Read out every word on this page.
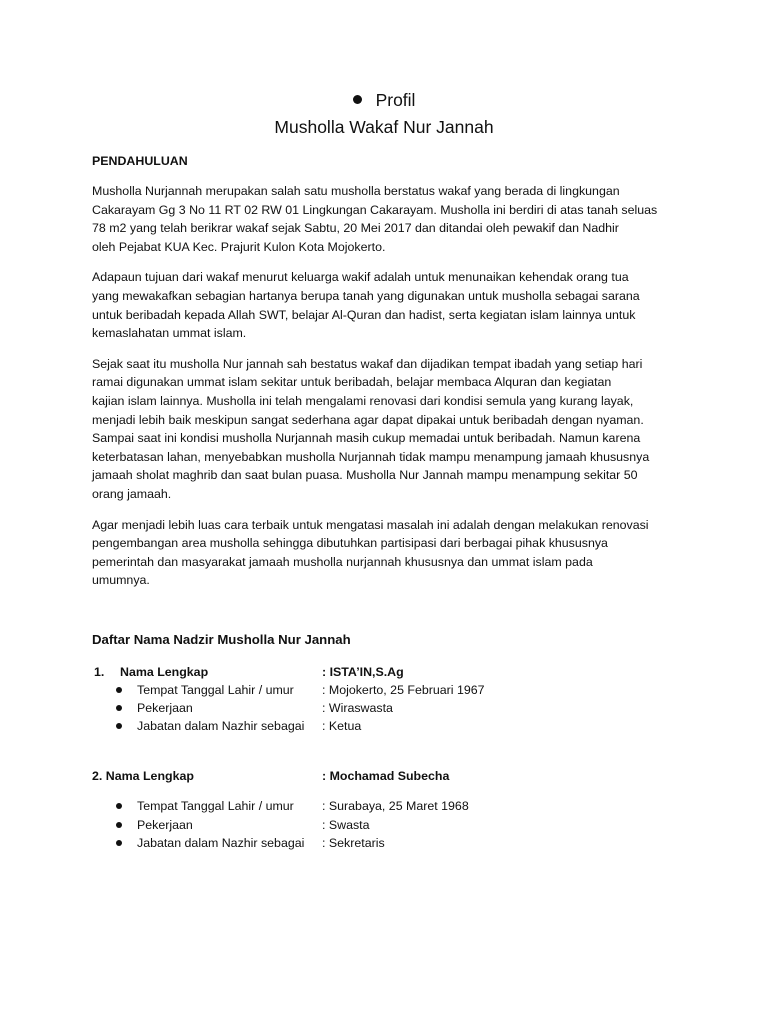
Profil
Musholla Wakaf Nur Jannah
PENDAHULUAN
Musholla Nurjannah merupakan salah satu musholla berstatus wakaf yang berada di lingkungan
Cakarayam Gg 3 No 11 RT 02 RW 01 Lingkungan Cakarayam. Musholla ini berdiri di atas tanah seluas
78 m2 yang telah berikrar wakaf sejak Sabtu, 20 Mei 2017 dan ditandai oleh pewakif dan Nadhir
oleh Pejabat KUA Kec. Prajurit Kulon Kota Mojokerto.
Adapaun tujuan dari wakaf menurut keluarga wakif adalah untuk menunaikan kehendak orang tua
yang mewakafkan sebagian hartanya berupa tanah yang digunakan untuk musholla sebagai sarana
untuk beribadah kepada Allah SWT, belajar Al-Quran dan hadist, serta kegiatan islam lainnya untuk
kemaslahatan ummat islam.
Sejak saat itu musholla Nur jannah sah bestatus wakaf dan dijadikan tempat ibadah yang setiap hari
ramai digunakan ummat islam sekitar untuk beribadah, belajar membaca Alquran dan kegiatan
kajian islam lainnya. Musholla ini telah mengalami renovasi dari kondisi semula yang kurang layak,
menjadi lebih baik meskipun sangat sederhana agar dapat dipakai untuk beribadah dengan nyaman.
Sampai saat ini kondisi musholla Nurjannah masih cukup memadai untuk beribadah. Namun karena
keterbatasan lahan, menyebabkan musholla Nurjannah tidak mampu menampung jamaah khususnya
jamaah sholat maghrib dan saat bulan puasa. Musholla Nur Jannah mampu menampung sekitar 50
orang jamaah.
Agar menjadi lebih luas cara terbaik untuk mengatasi masalah ini adalah dengan melakukan renovasi
pengembangan area musholla sehingga dibutuhkan partisipasi dari berbagai pihak khususnya
pemerintah dan masyarakat jamaah musholla nurjannah khususnya dan ummat islam pada
umumnya.
Daftar Nama Nadzir Musholla Nur Jannah
1. Nama Lengkap	: ISTA’IN,S.Ag
Tempat Tanggal Lahir / umur : Mojokerto, 25 Februari 1967
Pekerjaan	: Wiraswasta
Jabatan dalam Nazhir sebagai : Ketua
2. Nama Lengkap	: Mochamad Subecha
Tempat Tanggal Lahir / umur : Surabaya, 25 Maret 1968
Pekerjaan	: Swasta
Jabatan dalam Nazhir sebagai : Sekretaris
